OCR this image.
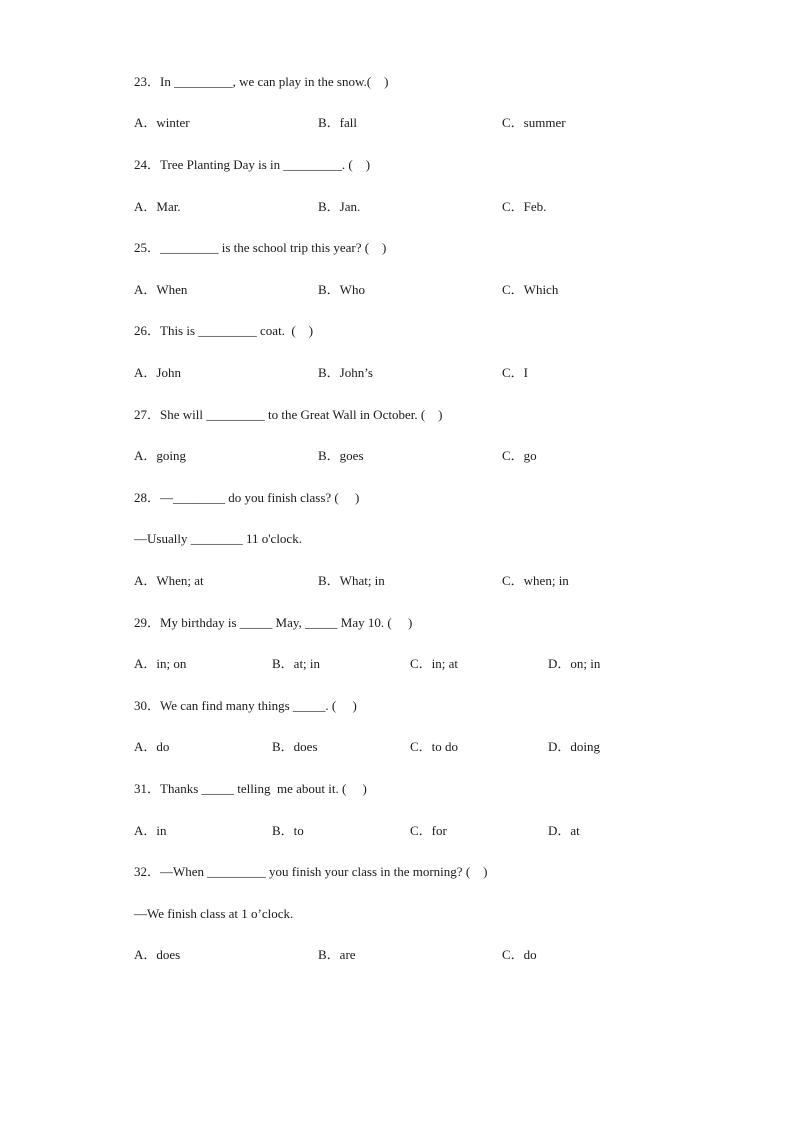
23．In _________, we can play in the snow.(    )
A．winter	B．fall	C．summer
24．Tree Planting Day is in _________. (    )
A．Mar.	B．Jan.	C．Feb.
25．_________ is the school trip this year? (    )
A．When	B．Who	C．Which
26．This is _________ coat.  (    )
A．John	B．John’s	C．I
27．She will _________ to the Great Wall in October. (    )
A．going	B．goes	C．go
28．—________ do you finish class? (     )
—Usually ________ 11 o'clock.
A．When; at	B．What; in	C．when; in
29．My birthday is _____ May, _____ May 10. (     )
A．in; on	B．at; in	C．in; at	D．on; in
30．We can find many things _____. (     )
A．do	B．does	C．to do	D．doing
31．Thanks _____ telling  me about it. (     )
A．in	B．to	C．for	D．at
32．—When _________ you finish your class in the morning? (    )
—We finish class at 1 o’clock.
A．does	B．are	C．do
